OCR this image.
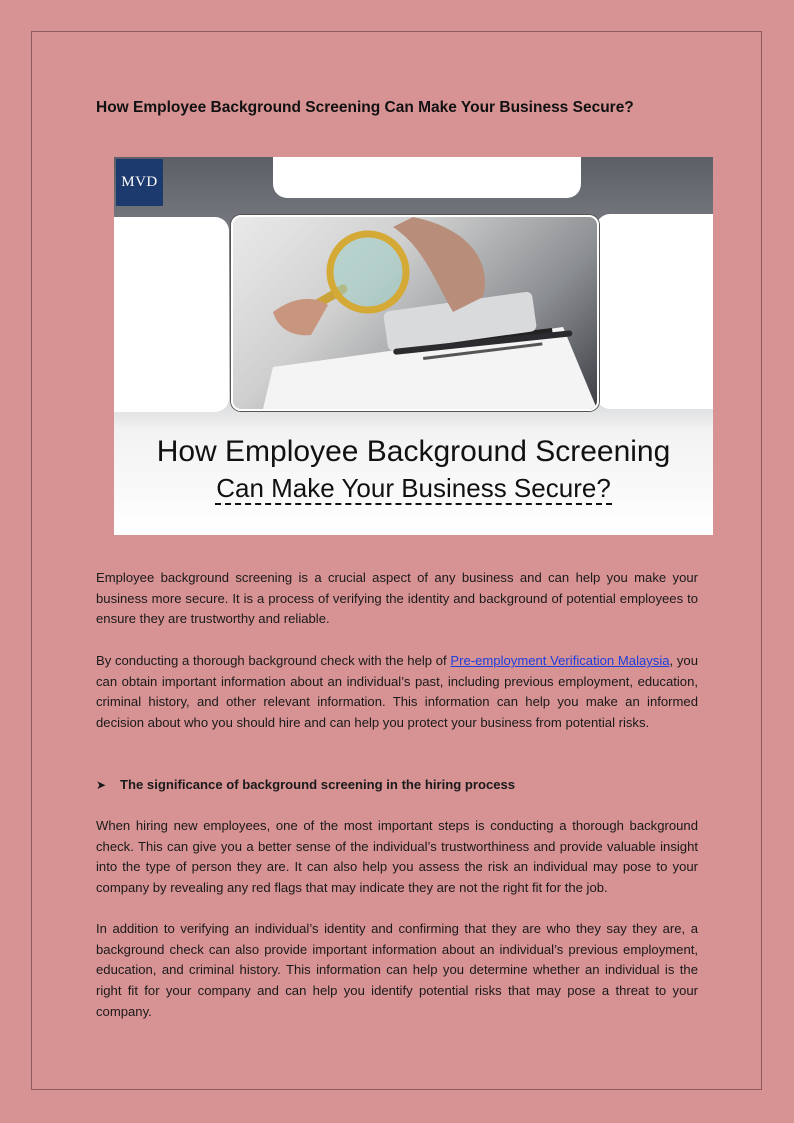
How Employee Background Screening Can Make Your Business Secure?
MVD
How Employee Background Screening
Can Make Your Business Secure?

Employee background screening is a crucial aspect of any business and can help you make your business more secure. It is a process of verifying the identity and background of potential employees to ensure they are trustworthy and reliable.

By conducting a thorough background check with the help of Pre-employment Verification Malaysia, you can obtain important information about an individual’s past, including previous employment, education, criminal history, and other relevant information. This information can help you make an informed decision about who you should hire and can help you protect your business from potential risks.

➤	The significance of background screening in the hiring process

When hiring new employees, one of the most important steps is conducting a thorough background check. This can give you a better sense of the individual’s trustworthiness and provide valuable insight into the type of person they are. It can also help you assess the risk an individual may pose to your company by revealing any red flags that may indicate they are not the right fit for the job.

In addition to verifying an individual’s identity and confirming that they are who they say they are, a background check can also provide important information about an individual’s previous employment, education, and criminal history. This information can help you determine whether an individual is the right fit for your company and can help you identify potential risks that may pose a threat to your company.
